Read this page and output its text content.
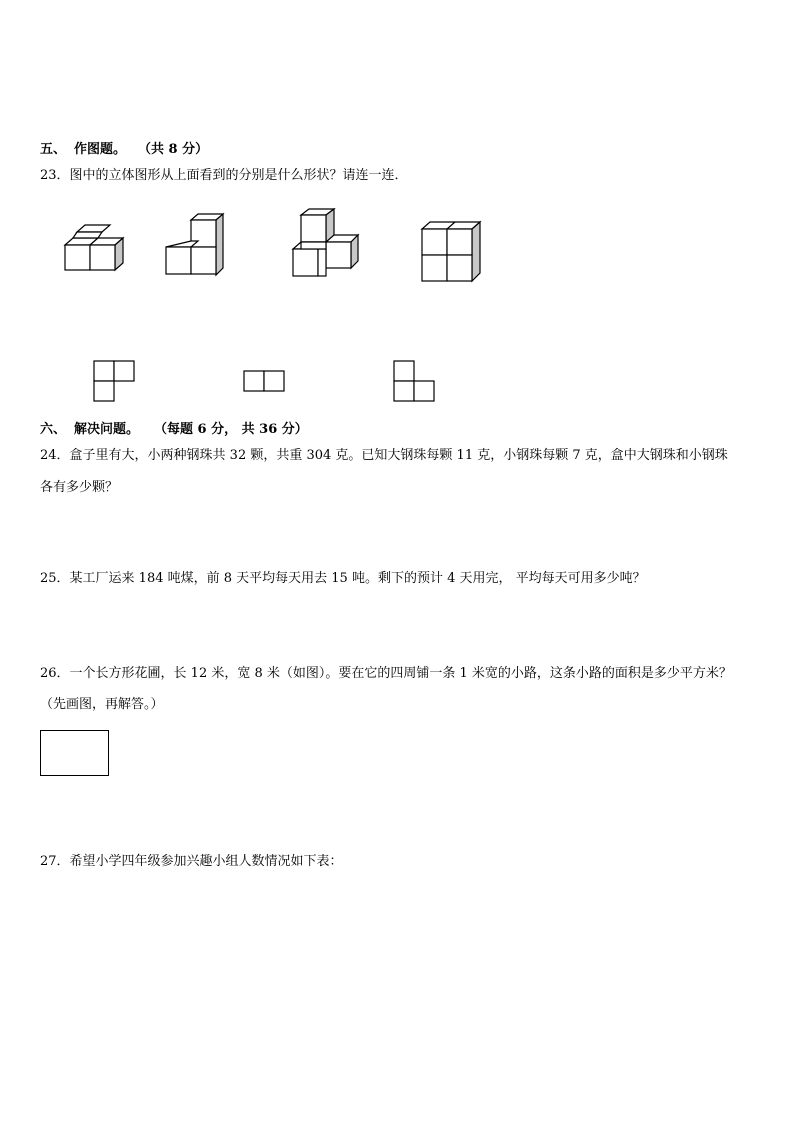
五、 作图题。 （共 8 分）
23．图中的立体图形从上面看到的分别是什么形状？请连一连．
六、 解决问题。 （每题 6 分， 共 36 分）
24．盒子里有大，小两种钢珠共 32 颗，共重 304 克。已知大钢珠每颗 11 克，小钢珠每颗 7 克，盒中大钢珠和小钢珠
各有多少颗？
25．某工厂运来 184 吨煤，前 8 天平均每天用去 15 吨。剩下的预计 4 天用完， 平均每天可用多少吨？
26．一个长方形花圃，长 12 米，宽 8 米（如图）。要在它的四周铺一条 1 米宽的小路，这条小路的面积是多少平方米？
（先画图，再解答。）
27．希望小学四年级参加兴趣小组人数情况如下表：
